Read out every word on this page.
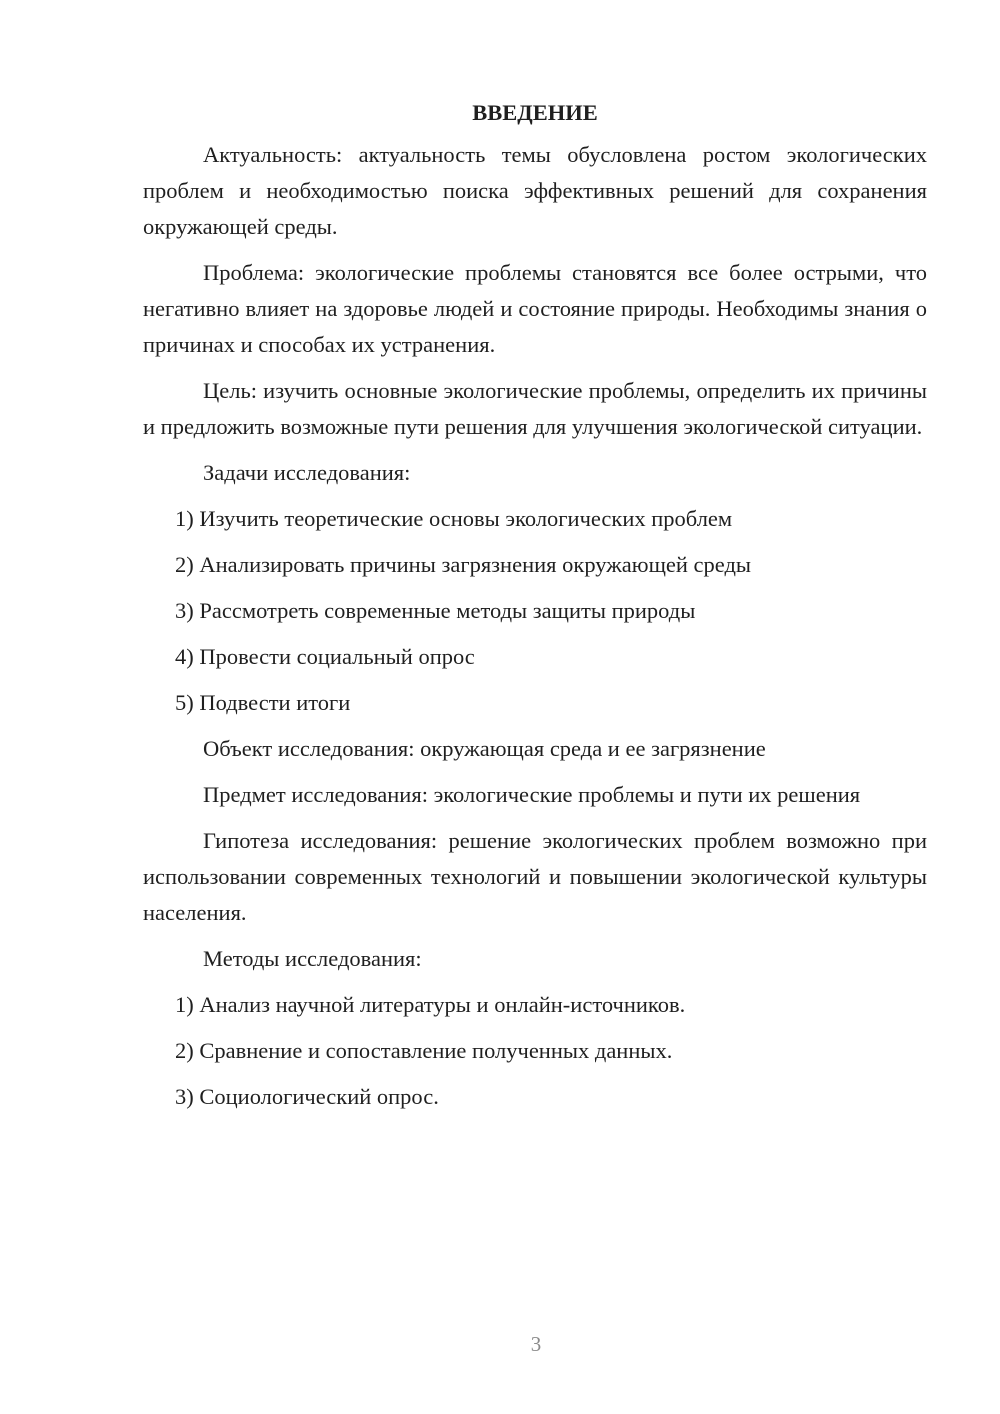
ВВЕДЕНИЕ

Актуальность: актуальность темы обусловлена ростом экологических проблем и необходимостью поиска эффективных решений для сохранения окружающей среды.

Проблема: экологические проблемы становятся все более острыми, что негативно влияет на здоровье людей и состояние природы. Необходимы знания о причинах и способах их устранения.

Цель: изучить основные экологические проблемы, определить их причины и предложить возможные пути решения для улучшения экологической ситуации.

Задачи исследования:

1) Изучить теоретические основы экологических проблем

2) Анализировать причины загрязнения окружающей среды

3) Рассмотреть современные методы защиты природы

4) Провести социальный опрос

5) Подвести итоги

Объект исследования: окружающая среда и ее загрязнение

Предмет исследования: экологические проблемы и пути их решения

Гипотеза исследования: решение экологических проблем возможно при использовании современных технологий и повышении экологической культуры населения.

Методы исследования:

1) Анализ научной литературы и онлайн-источников.

2) Сравнение и сопоставление полученных данных.

3) Социологический опрос.

3
